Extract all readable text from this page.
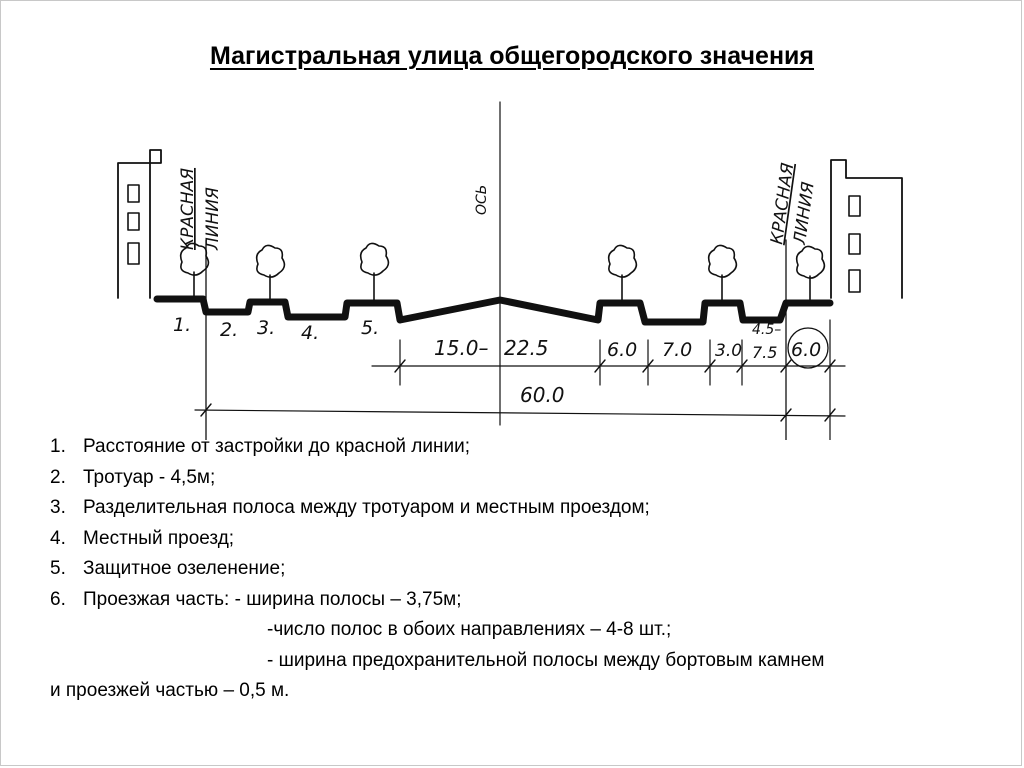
Магистральная улица общегородского значения
КРАСНАЯ ЛИНИЯ	КРАСНАЯ
ЛИНИЯ
ОСЬ
1. 2. 3. 4. 5.
15.0– 22.5	6.0 7.0 3.0
4.5–
7.5 6.0
60.0
1. Расстояние от застройки до красной линии;
2. Тротуар - 4,5м;
3. Разделительная полоса между тротуаром и местным проездом;
4. Местный проезд;
5. Защитное озеленение;
6. Проезжая часть: - ширина полосы – 3,75м;
-число полос в обоих направлениях – 4-8 шт.;
- ширина предохранительной полосы между бортовым камнем
и проезжей частью – 0,5 м.
